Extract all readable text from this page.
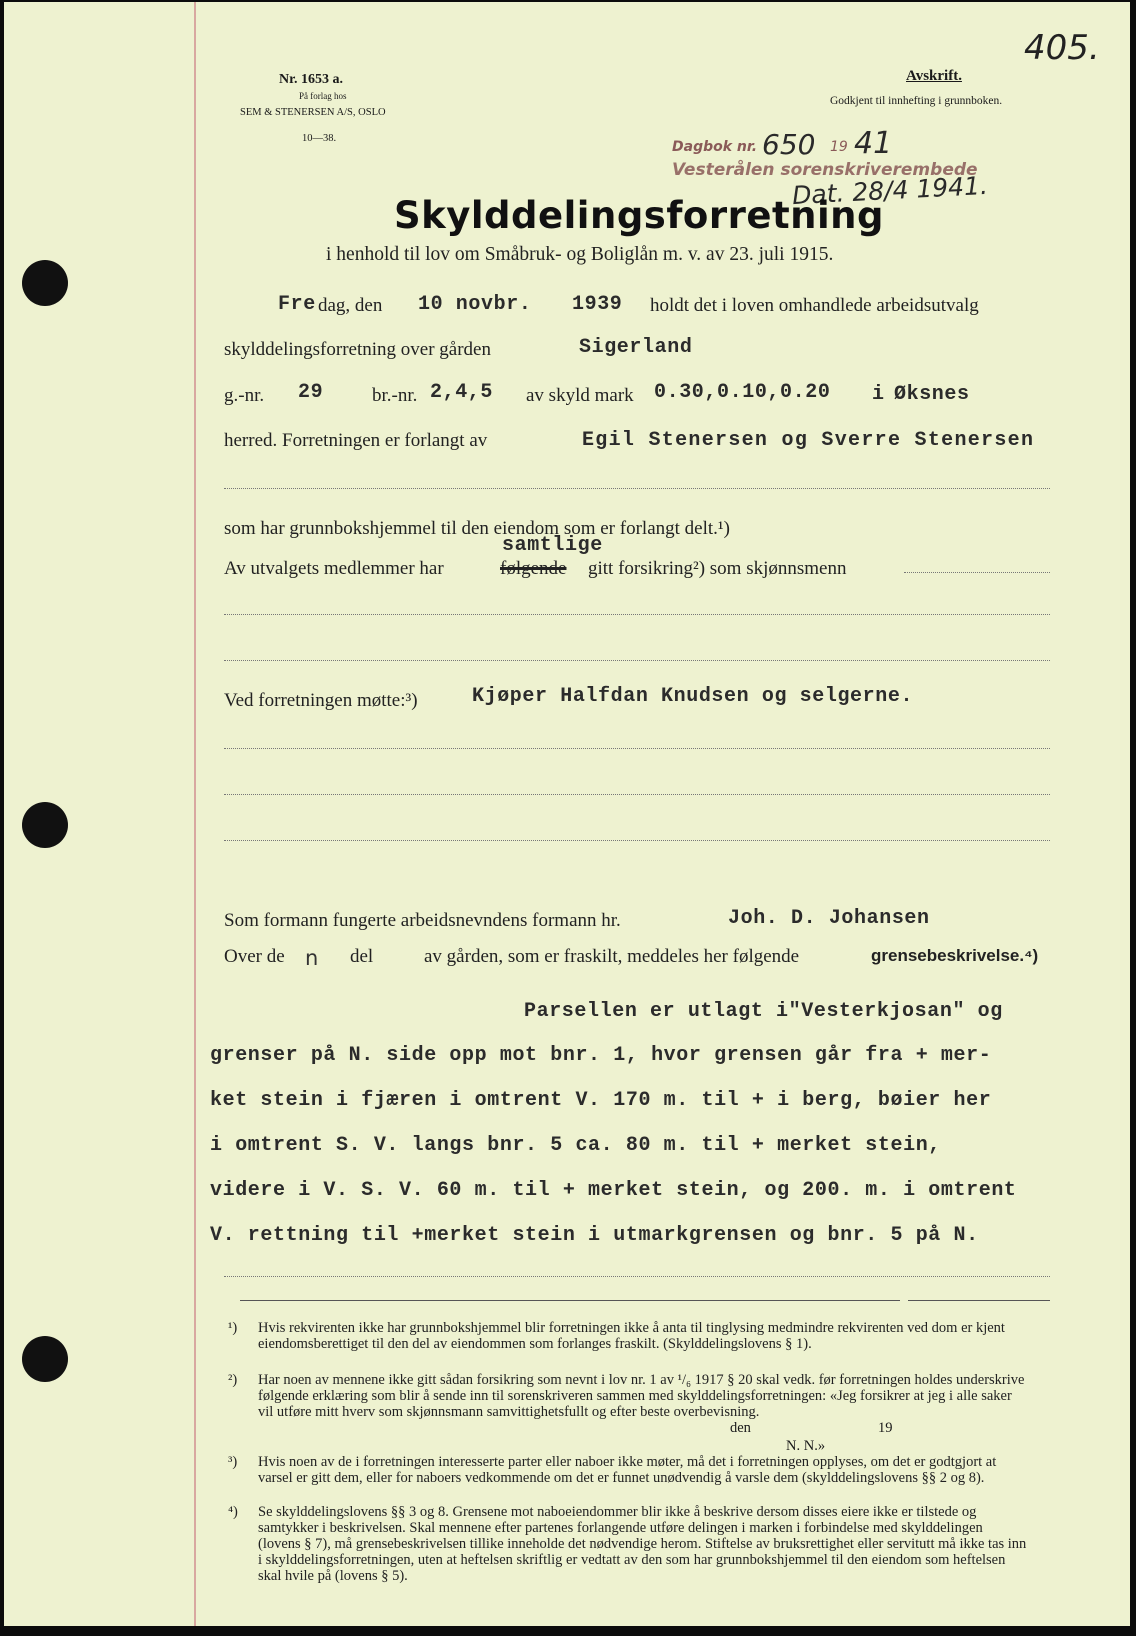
405.
Nr. 1653 a.
På forlag hos
SEM & STENERSEN A/S, OSLO
10—38.
Avskrift.
Godkjent til innhefting i grunnboken.
Dagbok nr. 650 19 41
Vesterålen sorenskriverembede
Dat. 28/4 1941.
Skylddelingsforretning
i henhold til lov om Småbruk- og Boliglån m. v. av 23. juli 1915.
Fre dag, den 10 novbr. 1939 holdt det i loven omhandlede arbeidsutvalg
skylddelingsforretning over gården	Sigerland
g.-nr. 29	br.-nr. 2,4,5 av skyld mark 0.30,0.10,0.20 i Øksnes
herred. Forretningen er forlangt av	Egil Stenersen og Sverre Stenersen
som har grunnbokshjemmel til den eiendom som er forlangt delt.¹)
samtlige
Av utvalgets medlemmer har	følgende gitt forsikring²) som skjønnsmenn
Ved forretningen møtte:³)	Kjøper Halfdan Knudsen og selgerne.
Som formann fungerte arbeidsnevndens formann hr.	Joh. D. Johansen
Over de n del	av gården, som er fraskilt, meddeles her følgende	grensebeskrivelse.⁴)
Parsellen er utlagt i"Vesterkjosan" og
grenser på N. side opp mot bnr. 1, hvor grensen går fra + mer-
ket stein i fjæren i omtrent V. 170 m. til + i berg, bøier her
i omtrent S. V. langs bnr. 5 ca. 80 m. til + merket stein,
videre i V. S. V. 60 m. til + merket stein, og 200. m. i omtrent
V. rettning til +merket stein i utmarkgrensen og bnr. 5 på N.
¹) Hvis rekvirenten ikke har grunnbokshjemmel blir forretningen ikke å anta til tinglysing medmindre rekvirenten ved dom er kjent eiendomsberettiget til den del av eiendommen som forlanges fraskilt. (Skylddelingslovens § 1).
²) Har noen av mennene ikke gitt sådan forsikring som nevnt i lov nr. 1 av ¹/₆ 1917 § 20 skal vedk. før forretningen holdes underskrive følgende erklæring som blir å sende inn til sorenskriveren sammen med skylddelingsforretningen: «Jeg forsikrer at jeg i alle saker vil utføre mitt hverv som skjønnsmann samvittighetsfullt og efter beste overbevisning.
den	19
N. N.»
³) Hvis noen av de i forretningen interesserte parter eller naboer ikke møter, må det i forretningen opplyses, om det er godtgjort at varsel er gitt dem, eller for naboers vedkommende om det er funnet unødvendig å varsle dem (skylddelingslovens §§ 2 og 8).
⁴) Se skylddelingslovens §§ 3 og 8. Grensene mot naboeiendommer blir ikke å beskrive dersom disses eiere ikke er tilstede og samtykker i beskrivelsen. Skal mennene efter partenes forlangende utføre delingen i marken i forbindelse med skylddelingen (lovens § 7), må grensebeskrivelsen tillike inneholde det nødvendige herom. Stiftelse av bruksrettighet eller servitutt må ikke tas inn i skylddelingsforretningen, uten at heftelsen skriftlig er vedtatt av den som har grunnbokshjemmel til den eiendom som heftelsen skal hvile på (lovens § 5).
